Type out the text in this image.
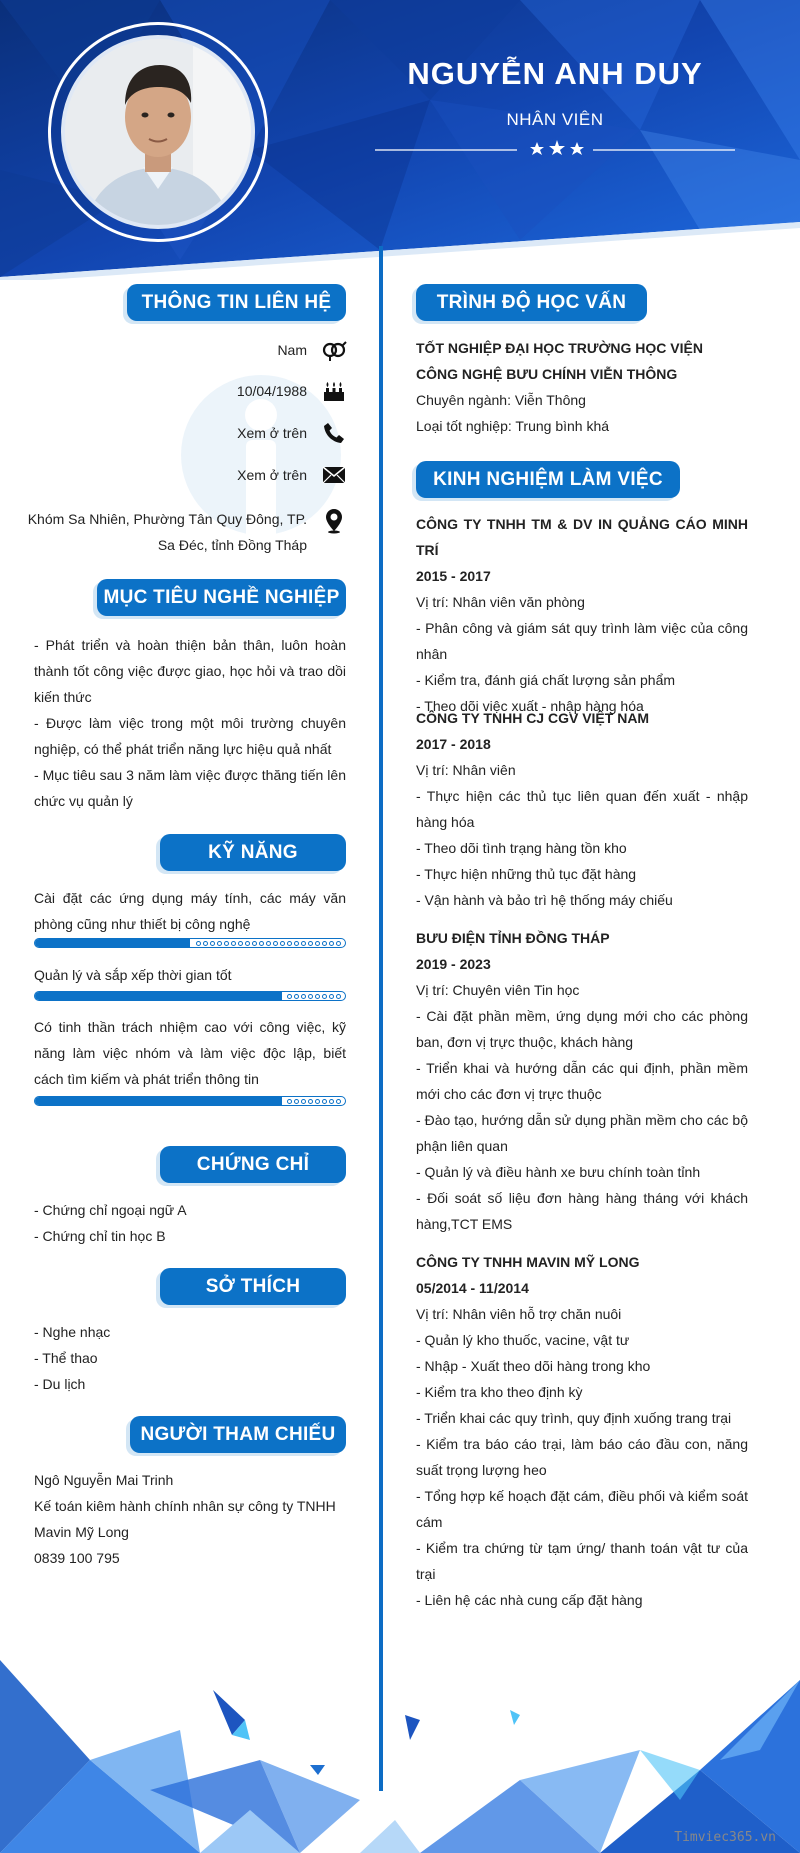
NGUYỄN ANH DUY
NHÂN VIÊN
THÔNG TIN LIÊN HỆ
Nam
10/04/1988
Xem ở trên
Xem ở trên
Khóm Sa Nhiên, Phường Tân Quy Đông, TP.
Sa Đéc, tỉnh Đồng Tháp
MỤC TIÊU NGHỀ NGHIỆP
- Phát triển và hoàn thiện bản thân, luôn hoàn thành tốt công việc được giao, học hỏi và trao dồi kiến thức
- Được làm việc trong một môi trường chuyên nghiệp, có thể phát triển năng lực hiệu quả nhất
- Mục tiêu sau 3 năm làm việc được thăng tiến lên chức vụ quản lý
KỸ NĂNG
Cài đặt các ứng dụng máy tính, các máy văn phòng cũng như thiết bị công nghệ
Quản lý và sắp xếp thời gian tốt
Có tinh thần trách nhiệm cao với công việc, kỹ năng làm việc nhóm và làm việc độc lập, biết cách tìm kiếm và phát triển thông tin
CHỨNG CHỈ
- Chứng chỉ ngoại ngữ A
- Chứng chỉ tin học B
SỞ THÍCH
- Nghe nhạc
- Thể thao
- Du lịch
NGƯỜI THAM CHIẾU
Ngô Nguyễn Mai Trinh
Kế toán kiêm hành chính nhân sự công ty TNHH Mavin Mỹ Long
0839 100 795
TRÌNH ĐỘ HỌC VẤN
TỐT NGHIỆP ĐẠI HỌC TRƯỜNG HỌC VIỆN CÔNG NGHỆ BƯU CHÍNH VIỄN THÔNG
Chuyên ngành: Viễn Thông
Loại tốt nghiệp: Trung bình khá
KINH NGHIỆM LÀM VIỆC
CÔNG TY TNHH TM & DV IN QUẢNG CÁO MINH TRÍ
2015 - 2017
Vị trí: Nhân viên văn phòng
- Phân công và giám sát quy trình làm việc của công nhân
- Kiểm tra, đánh giá chất lượng sản phẩm
- Theo dõi việc xuất - nhập hàng hóa
CÔNG TY TNHH CJ CGV VIỆT NAM
2017 - 2018
Vị trí: Nhân viên
- Thực hiện các thủ tục liên quan đến xuất - nhập hàng hóa
- Theo dõi tình trạng hàng tồn kho
- Thực hiện những thủ tục đặt hàng
- Vận hành và bảo trì hệ thống máy chiếu
BƯU ĐIỆN TỈNH ĐỒNG THÁP
2019 - 2023
Vị trí: Chuyên viên Tin học
- Cài đặt phần mềm, ứng dụng mới cho các phòng ban, đơn vị trực thuộc, khách hàng
- Triển khai và hướng dẫn các qui định, phần mềm mới cho các đơn vị trực thuộc
- Đào tạo, hướng dẫn sử dụng phần mềm cho các bộ phận liên quan
- Quản lý và điều hành xe bưu chính toàn tỉnh
- Đối soát số liệu đơn hàng hàng tháng với khách hàng,TCT EMS
CÔNG TY TNHH MAVIN MỸ LONG
05/2014 - 11/2014
Vị trí: Nhân viên hỗ trợ chăn nuôi
- Quản lý kho thuốc, vacine, vật tư
- Nhập - Xuất theo dõi hàng trong kho
- Kiểm tra kho theo định kỳ
- Triển khai các quy trình, quy định xuống trang trại
- Kiểm tra báo cáo trại, làm báo cáo đầu con, năng suất trọng lượng heo
- Tổng hợp kế hoạch đặt cám, điều phối và kiểm soát cám
- Kiểm tra chứng từ tạm ứng/ thanh toán vật tư của trại
- Liên hệ các nhà cung cấp đặt hàng
Timviec365.vn
